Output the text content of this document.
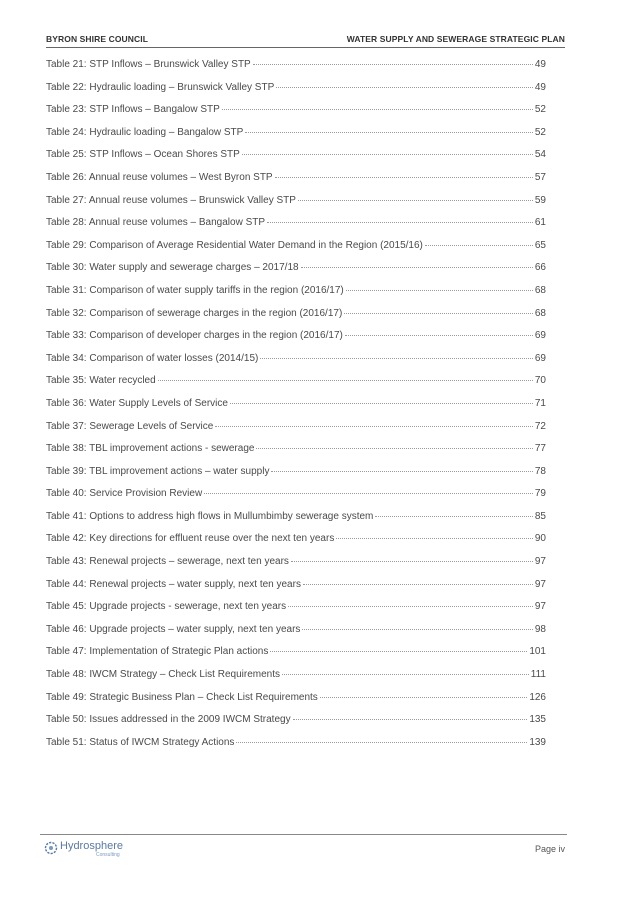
BYRON SHIRE COUNCIL	WATER SUPPLY AND SEWERAGE STRATEGIC PLAN
Table 21: STP Inflows – Brunswick Valley STP	49
Table 22: Hydraulic loading – Brunswick Valley STP	49
Table 23: STP Inflows – Bangalow STP	52
Table 24: Hydraulic loading – Bangalow STP	52
Table 25: STP Inflows – Ocean Shores STP	54
Table 26: Annual reuse volumes – West Byron STP	57
Table 27: Annual reuse volumes – Brunswick Valley STP	59
Table 28: Annual reuse volumes – Bangalow STP	61
Table 29: Comparison of Average Residential Water Demand in the Region (2015/16)	65
Table 30: Water supply and sewerage charges – 2017/18	66
Table 31: Comparison of water supply tariffs in the region (2016/17)	68
Table 32: Comparison of sewerage charges in the region (2016/17)	68
Table 33: Comparison of developer charges in the region (2016/17)	69
Table 34: Comparison of water losses (2014/15)	69
Table 35: Water recycled	70
Table 36: Water Supply Levels of Service	71
Table 37: Sewerage Levels of Service	72
Table 38: TBL improvement actions - sewerage	77
Table 39: TBL improvement actions – water supply	78
Table 40: Service Provision Review	79
Table 41: Options to address high flows in Mullumbimby sewerage system	85
Table 42: Key directions for effluent reuse over the next ten years	90
Table 43: Renewal projects – sewerage, next ten years	97
Table 44: Renewal projects – water supply, next ten years	97
Table 45: Upgrade projects - sewerage, next ten years	97
Table 46: Upgrade projects – water supply, next ten years	98
Table 47: Implementation of Strategic Plan actions	101
Table 48: IWCM Strategy – Check List Requirements	111
Table 49: Strategic Business Plan – Check List Requirements	126
Table 50: Issues addressed in the 2009 IWCM Strategy	135
Table 51: Status of IWCM Strategy Actions	139
Hydrosphere
Consulting
Page iv
